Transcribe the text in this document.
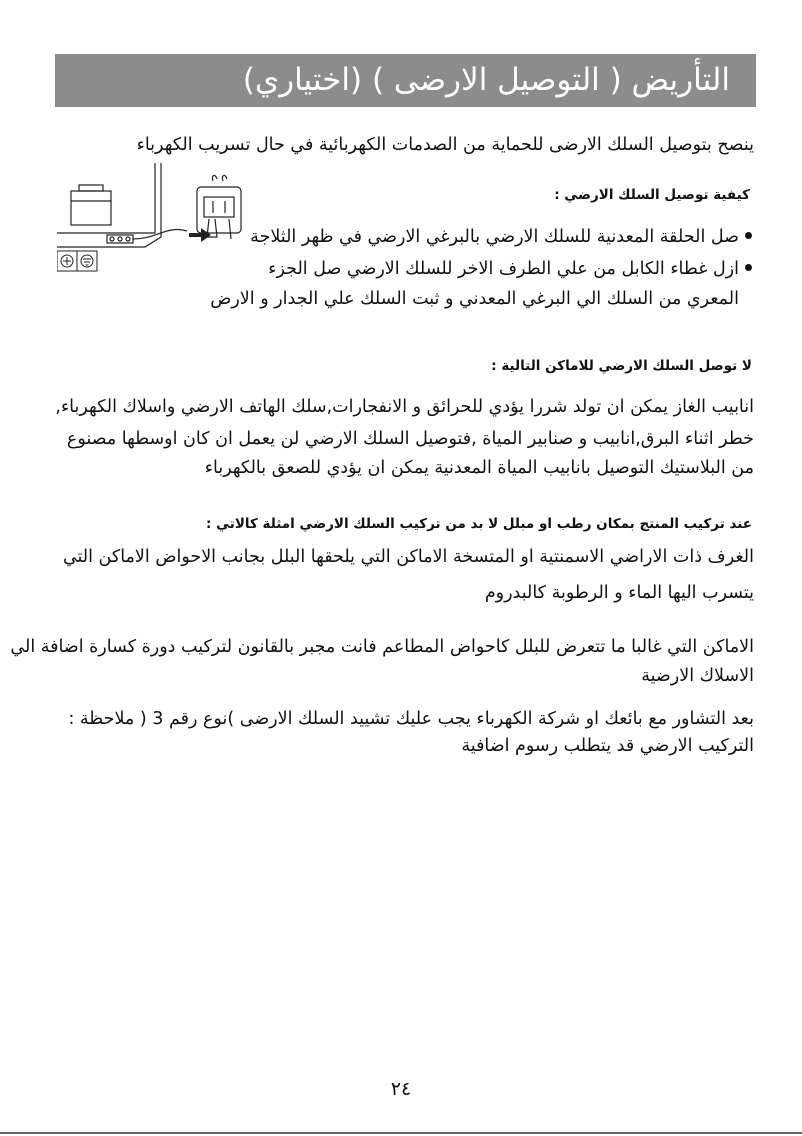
التأريض ( التوصيل الارضى ) (اختياري)
ينصح بتوصيل السلك الارضى للحماية من الصدمات الكهربائية في حال تسريب الكهرباء
كيفية توصيل السلك الارضي :
صل الحلقة المعدنية للسلك الارضي بالبرغي الارضي في ظهر الثلاجة
ازل غطاء الكابل من علي الطرف الاخر للسلك الارضي صل الجزء
المعري من السلك الي البرغي المعدني و ثبت السلك علي الجدار و الارض
لا توصل السلك الارضي للاماكن التالية :
انابيب الغاز يمكن ان تولد شررا يؤدي للحرائق و الانفجارات,سلك الهاتف الارضي واسلاك الكهرباء,
خطر اثناء البرق,انابيب و صنابير المياة ,فتوصيل السلك الارضي لن يعمل ان كان اوسطها مصنوع
من البلاستيك التوصيل بانابيب المياة المعدنية يمكن ان يؤدي للصعق بالكهرباء
عند تركيب المنتج بمكان رطب او مبلل لا بد من تركيب السلك الارضي امثلة كالاتي :
الغرف ذات الاراضي الاسمنتية او المتسخة الاماكن التي يلحقها البلل بجانب الاحواض الاماكن التي
يتسرب اليها الماء و الرطوبة كالبدروم
الاماكن التي غالبا ما تتعرض للبلل كاحواض المطاعم فانت مجبر بالقانون لتركيب دورة كسارة اضافة الي
الاسلاك الارضية
بعد التشاور مع بائعك او شركة الكهرباء يجب عليك تشييد السلك الارضى )نوع رقم 3 ( ملاحظة :
التركيب الارضي قد يتطلب رسوم اضافية
٢٤
